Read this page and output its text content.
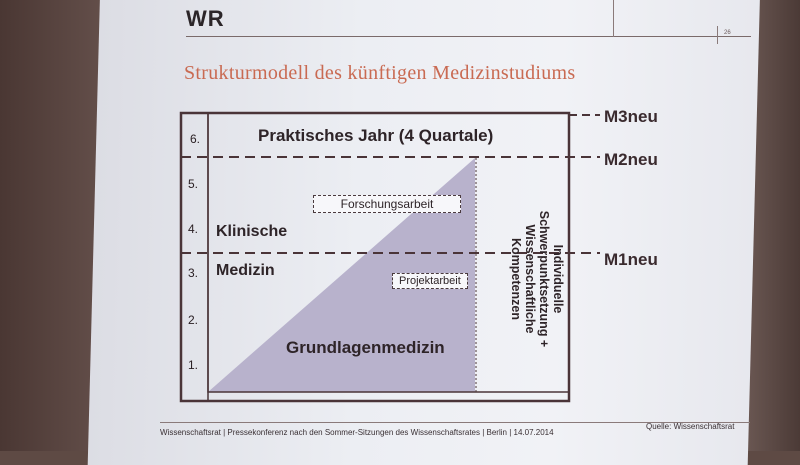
WR
26
Strukturmodell des künftigen Medizinstudiums
6.
5.
4.
3.
2.
1.
Praktisches Jahr (4 Quartale)
Klinische
Medizin
Forschungsarbeit
Projektarbeit
Grundlagenmedizin
Individuelle
Schwerpunktsetzung +
Wissenschaftliche
Kompetenzen
M3neu
M2neu
M1neu
Quelle: Wissenschaftsrat
Wissenschaftsrat | Pressekonferenz nach den Sommer-Sitzungen des Wissenschaftsrates | Berlin | 14.07.2014
